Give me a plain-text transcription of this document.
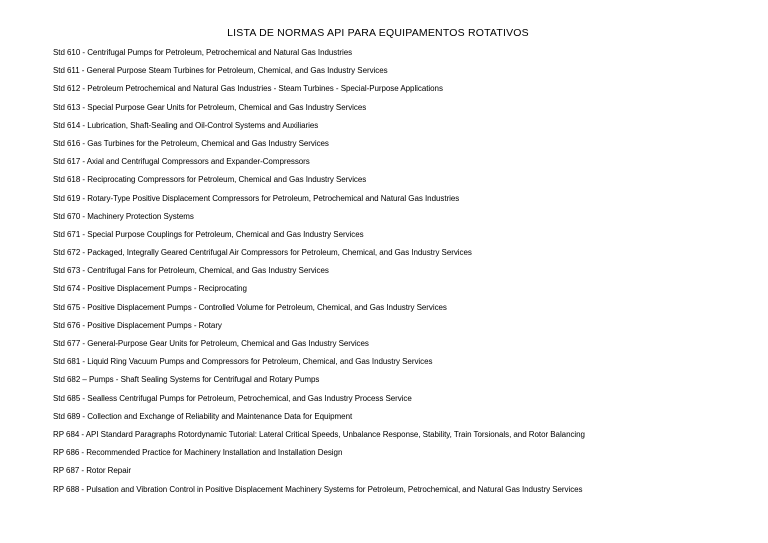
LISTA DE NORMAS API PARA EQUIPAMENTOS ROTATIVOS
Std 610 - Centrifugal Pumps for Petroleum, Petrochemical and Natural Gas Industries
Std 611 - General Purpose Steam Turbines for Petroleum, Chemical, and Gas Industry Services
Std 612 - Petroleum Petrochemical and Natural Gas Industries - Steam Turbines - Special-Purpose Applications
Std 613 - Special Purpose Gear Units for Petroleum, Chemical and Gas Industry Services
Std 614 - Lubrication, Shaft-Sealing and Oil-Control Systems and Auxiliaries
Std 616 - Gas Turbines for the Petroleum, Chemical and Gas Industry Services
Std 617 - Axial and Centrifugal Compressors and Expander-Compressors
Std 618 - Reciprocating Compressors for Petroleum, Chemical and Gas Industry Services
Std 619 - Rotary-Type Positive Displacement Compressors for Petroleum, Petrochemical and Natural Gas Industries
Std 670 - Machinery Protection Systems
Std 671 - Special Purpose Couplings for Petroleum, Chemical and Gas Industry Services
Std 672 - Packaged, Integrally Geared Centrifugal Air Compressors for Petroleum, Chemical, and Gas Industry Services
Std 673 - Centrifugal Fans for Petroleum, Chemical, and Gas Industry Services
Std 674 - Positive Displacement Pumps - Reciprocating
Std 675 - Positive Displacement Pumps - Controlled Volume for Petroleum, Chemical, and Gas Industry Services
Std 676 - Positive Displacement Pumps - Rotary
Std 677 - General-Purpose Gear Units for Petroleum, Chemical and Gas Industry Services
Std 681 - Liquid Ring Vacuum Pumps and Compressors for Petroleum, Chemical, and Gas Industry Services
Std 682 – Pumps - Shaft Sealing Systems for Centrifugal and Rotary Pumps
Std 685 - Sealless Centrifugal Pumps for Petroleum, Petrochemical, and Gas Industry Process Service
Std 689 - Collection and Exchange of Reliability and Maintenance Data for Equipment
RP 684 - API Standard Paragraphs Rotordynamic Tutorial: Lateral Critical Speeds, Unbalance Response, Stability, Train Torsionals, and Rotor Balancing
RP 686 - Recommended Practice for Machinery Installation and Installation Design
RP 687 - Rotor Repair
RP 688 - Pulsation and Vibration Control in Positive Displacement Machinery Systems for Petroleum, Petrochemical, and Natural Gas Industry Services
